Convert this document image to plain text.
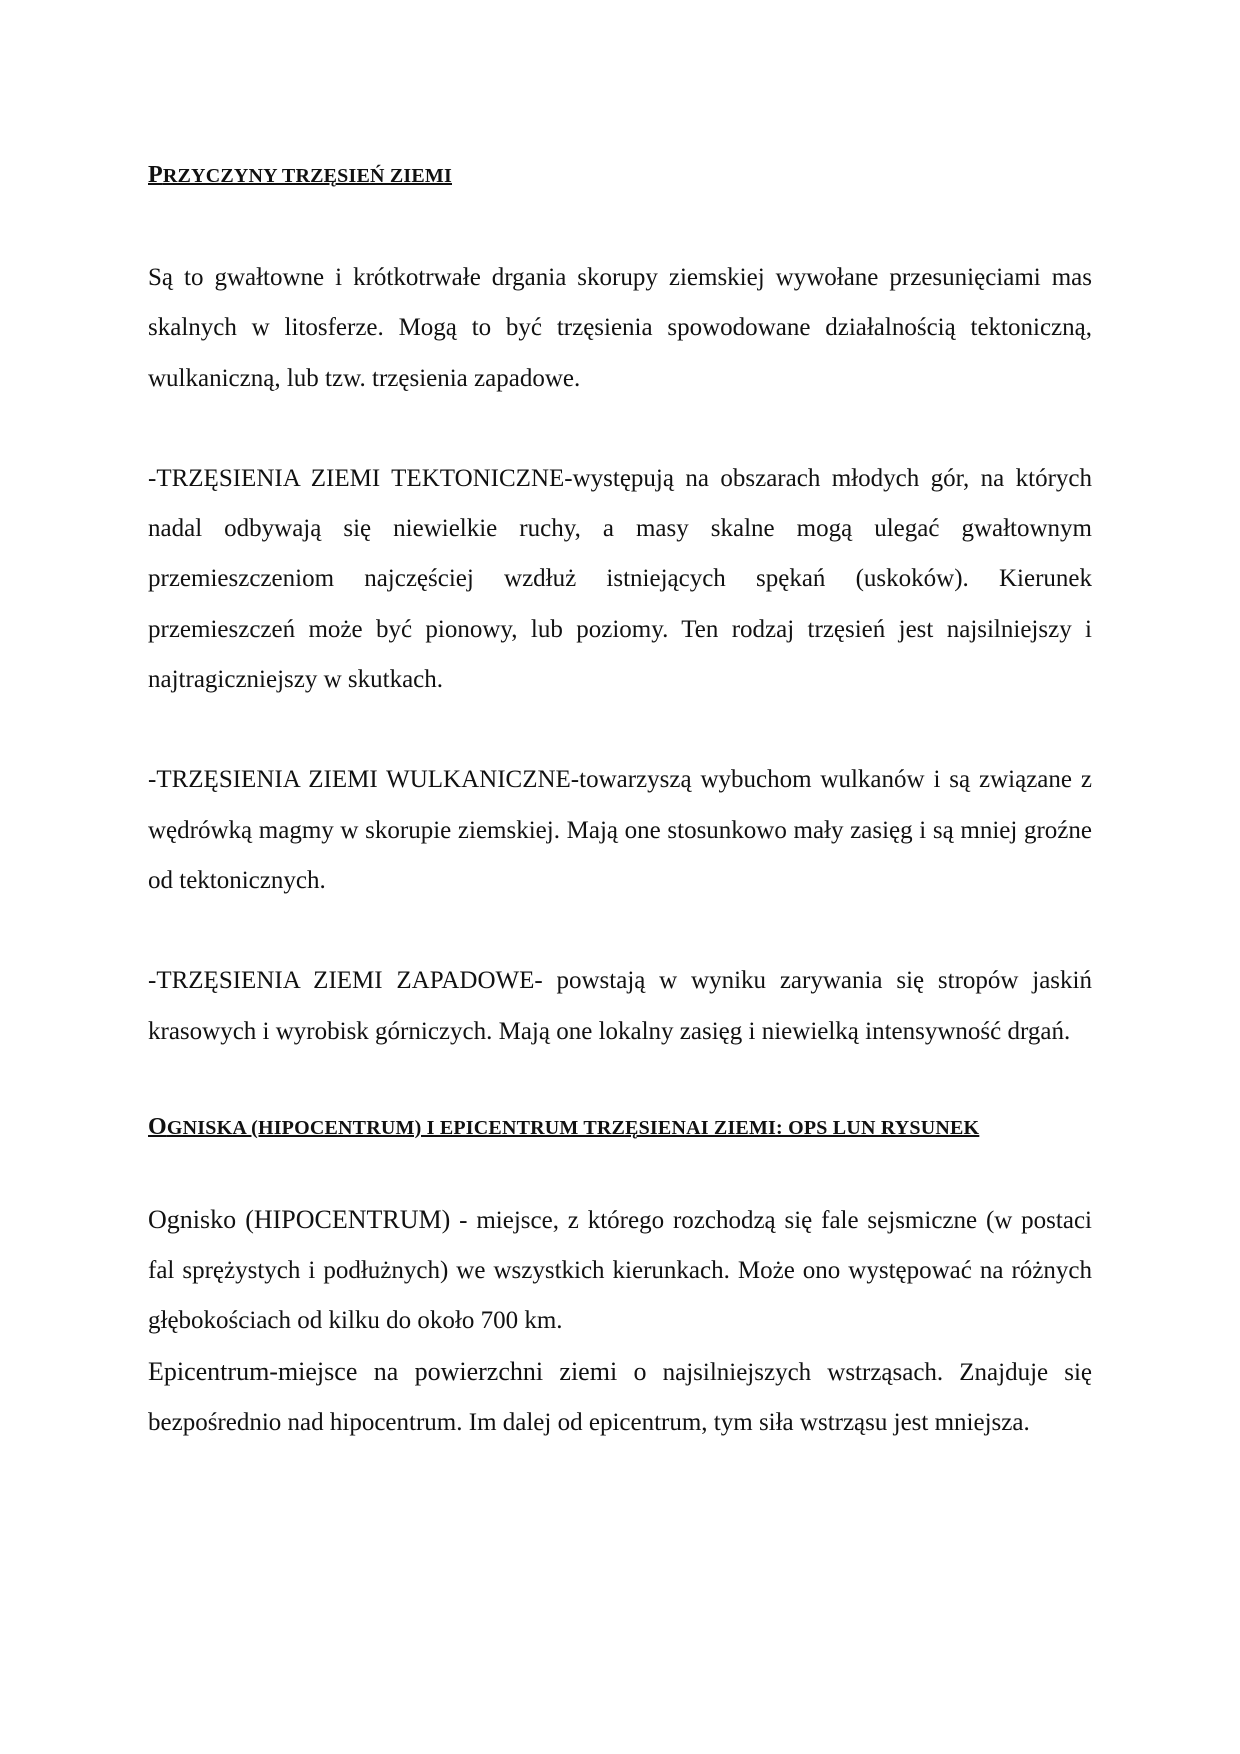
PRZYCZYNY TRZĘSIEŃ ZIEMI

Są to gwałtowne i krótkotrwałe drgania skorupy ziemskiej wywołane przesunięciami mas skalnych w litosferze. Mogą to być trzęsienia spowodowane działalnością tektoniczną, wulkaniczną, lub tzw. trzęsienia zapadowe.

-TRZĘSIENIA ZIEMI TEKTONICZNE-występują na obszarach młodych gór, na których nadal odbywają się niewielkie ruchy, a masy skalne mogą ulegać gwałtownym przemieszczeniom najczęściej wzdłuż istniejących spękań (uskoków). Kierunek przemieszczeń może być pionowy, lub poziomy. Ten rodzaj trzęsień jest najsilniejszy i najtragiczniejszy w skutkach.

-TRZĘSIENIA ZIEMI WULKANICZNE-towarzyszą wybuchom wulkanów i są związane z wędrówką magmy w skorupie ziemskiej. Mają one stosunkowo mały zasięg i są mniej groźne od tektonicznych.

-TRZĘSIENIA ZIEMI ZAPADOWE- powstają w wyniku zarywania się stropów jaskiń krasowych i wyrobisk górniczych. Mają one lokalny zasięg i niewielką intensywność drgań.

OGNISKA (HIPOCENTRUM) I EPICENTRUM TRZĘSIENAI ZIEMI: OPS LUN RYSUNEK

Ognisko (HIPOCENTRUM) - miejsce, z którego rozchodzą się fale sejsmiczne (w postaci fal sprężystych i podłużnych) we wszystkich kierunkach. Może ono występować na różnych głębokościach od kilku do około 700 km.

Epicentrum-miejsce na powierzchni ziemi o najsilniejszych wstrząsach. Znajduje się bezpośrednio nad hipocentrum. Im dalej od epicentrum, tym siła wstrząsu jest mniejsza.
